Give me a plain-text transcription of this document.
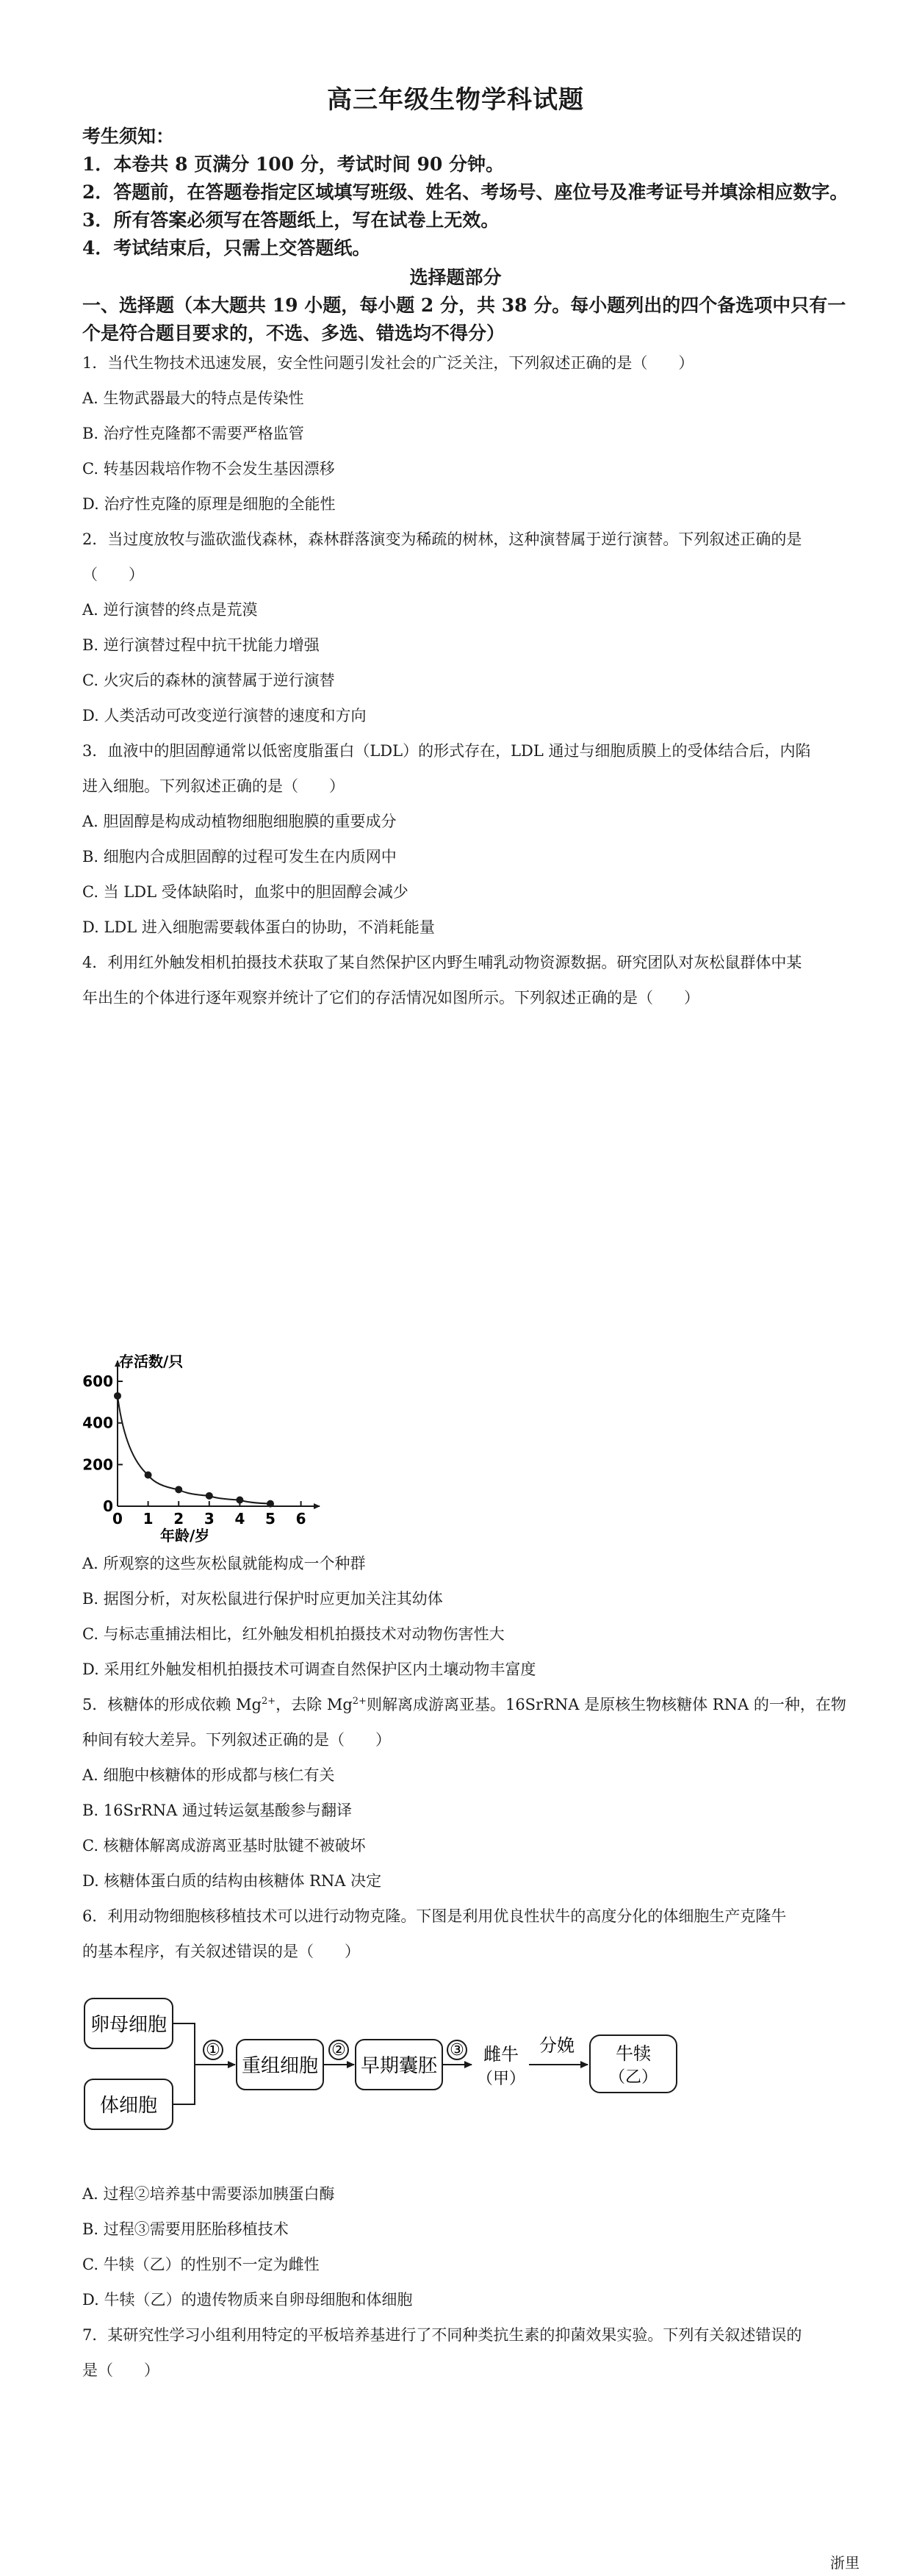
高三年级生物学科试题
考生须知：
1．本卷共 8 页满分 100 分，考试时间 90 分钟。
2．答题前，在答题卷指定区域填写班级、姓名、考场号、座位号及准考证号并填涂相应数字。
3．所有答案必须写在答题纸上，写在试卷上无效。
4．考试结束后，只需上交答题纸。
选择题部分
一、选择题（本大题共 19 小题，每小题 2 分，共 38 分。每小题列出的四个备选项中只有一
个是符合题目要求的，不选、多选、错选均不得分）
1．当代生物技术迅速发展，安全性问题引发社会的广泛关注，下列叙述正确的是（　　）
A. 生物武器最大的特点是传染性
B. 治疗性克隆都不需要严格监管
C. 转基因栽培作物不会发生基因漂移
D. 治疗性克隆的原理是细胞的全能性
2．当过度放牧与滥砍滥伐森林，森林群落演变为稀疏的树林，这种演替属于逆行演替。下列叙述正确的是
（　　）
A. 逆行演替的终点是荒漠
B. 逆行演替过程中抗干扰能力增强
C. 火灾后的森林的演替属于逆行演替
D. 人类活动可改变逆行演替的速度和方向
3．血液中的胆固醇通常以低密度脂蛋白（LDL）的形式存在，LDL 通过与细胞质膜上的受体结合后，内陷
进入细胞。下列叙述正确的是（　　）
A. 胆固醇是构成动植物细胞细胞膜的重要成分
B. 细胞内合成胆固醇的过程可发生在内质网中
C. 当 LDL 受体缺陷时，血浆中的胆固醇会减少
D. LDL 进入细胞需要载体蛋白的协助，不消耗能量
4．利用红外触发相机拍摄技术获取了某自然保护区内野生哺乳动物资源数据。研究团队对灰松鼠群体中某
年出生的个体进行逐年观察并统计了它们的存活情况如图所示。下列叙述正确的是（　　）
存活数/只
年龄/岁
0
200
400
600
0 1 2 3 4 5 6
A. 所观察的这些灰松鼠就能构成一个种群
B. 据图分析，对灰松鼠进行保护时应更加关注其幼体
C. 与标志重捕法相比，红外触发相机拍摄技术对动物伤害性大
D. 采用红外触发相机拍摄技术可调查自然保护区内土壤动物丰富度
5．核糖体的形成依赖 $Mg^{2+}$，去除 $Mg^{2+}$则解离成游离亚基。16SrRNA 是原核生物核糖体 RNA 的一种，在物
种间有较大差异。下列叙述正确的是（　　）
A. 细胞中核糖体的形成都与核仁有关
B. 16SrRNA 通过转运氨基酸参与翻译
C. 核糖体解离成游离亚基时肽键不被破坏
D. 核糖体蛋白质的结构由核糖体 RNA 决定
6．利用动物细胞核移植技术可以进行动物克隆。下图是利用优良性状牛的高度分化的体细胞生产克隆牛
的基本程序，有关叙述错误的是（　　）
卵母细胞
体细胞
①
重组细胞
②
早期囊胚
③ 雌牛
（甲）
分娩 牛犊
（乙）
A. 过程②培养基中需要添加胰蛋白酶
B. 过程③需要用胚胎移植技术
C. 牛犊（乙）的性别不一定为雌性
D. 牛犊（乙）的遗传物质来自卵母细胞和体细胞
7．某研究性学习小组利用特定的平板培养基进行了不同种类抗生素的抑菌效果实验。下列有关叙述错误的
是（　　）
浙里
